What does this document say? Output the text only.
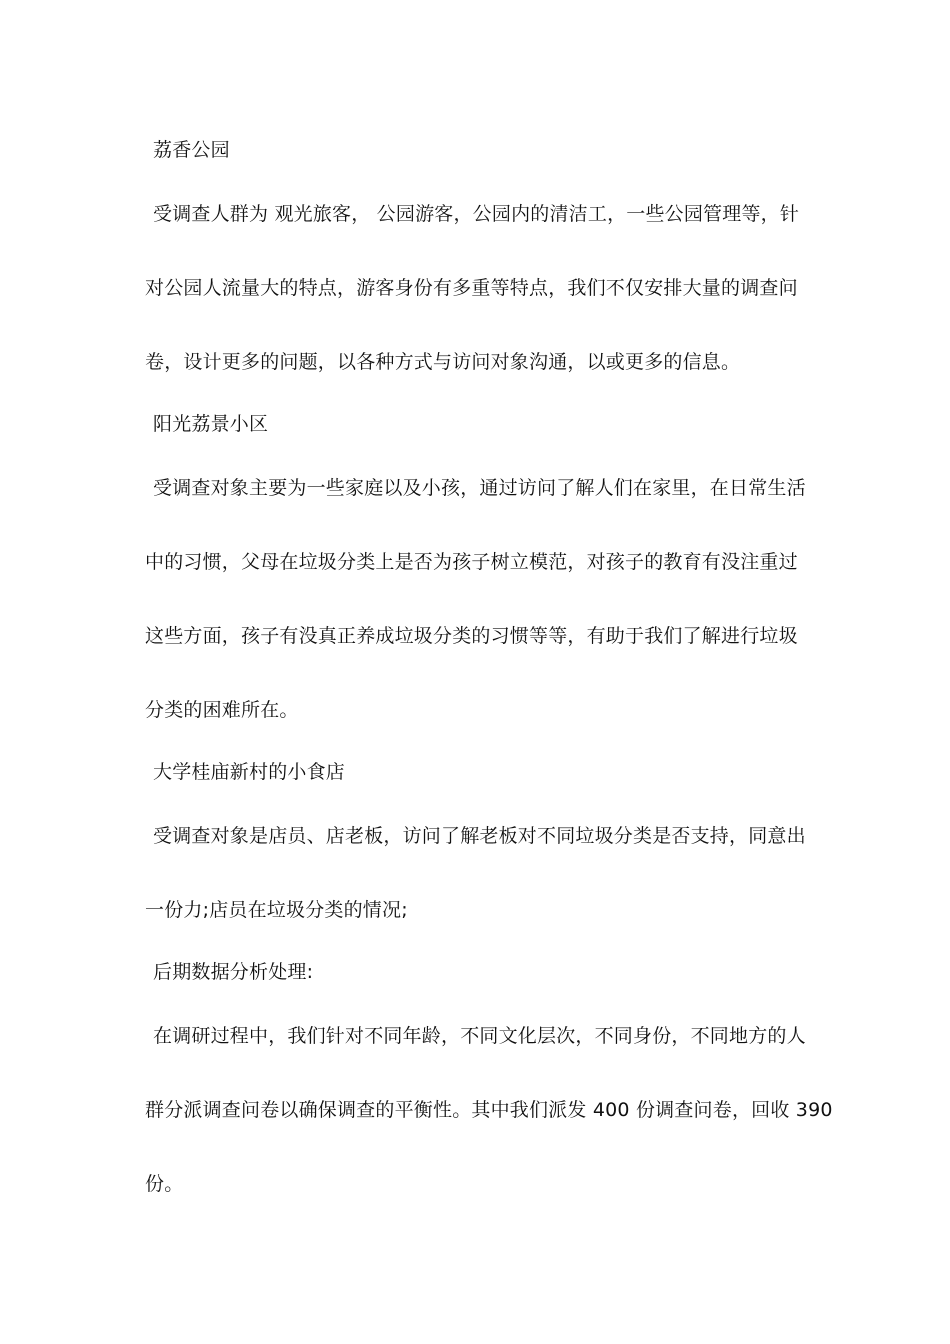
荔香公园
受调查人群为 观光旅客， 公园游客，公园内的清洁工，一些公园管理等，针
对公园人流量大的特点，游客身份有多重等特点，我们不仅安排大量的调查问
卷，设计更多的问题，以各种方式与访问对象沟通，以或更多的信息。
阳光荔景小区
受调查对象主要为一些家庭以及小孩，通过访问了解人们在家里，在日常生活
中的习惯，父母在垃圾分类上是否为孩子树立模范，对孩子的教育有没注重过
这些方面，孩子有没真正养成垃圾分类的习惯等等，有助于我们了解进行垃圾
分类的困难所在。
大学桂庙新村的小食店
受调查对象是店员、店老板，访问了解老板对不同垃圾分类是否支持，同意出
一份力;店员在垃圾分类的情况;
后期数据分析处理:
在调研过程中，我们针对不同年龄，不同文化层次，不同身份，不同地方的人
群分派调查问卷以确保调查的平衡性。其中我们派发 400 份调查问卷，回收 390
份。
